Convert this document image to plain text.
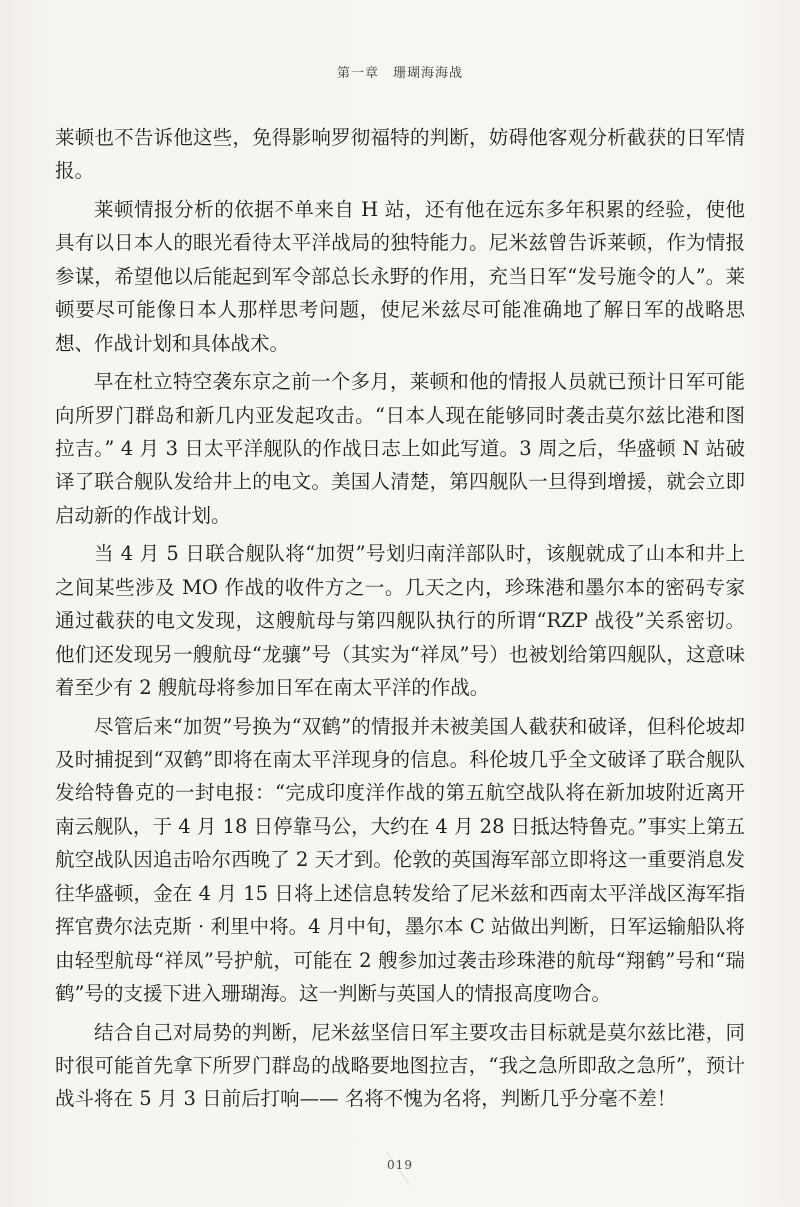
第一章 珊瑚海海战

莱顿也不告诉他这些，免得影响罗彻福特的判断，妨碍他客观分析截获的日军情报。

莱顿情报分析的依据不单来自 H 站，还有他在远东多年积累的经验，使他具有以日本人的眼光看待太平洋战局的独特能力。尼米兹曾告诉莱顿，作为情报参谋，希望他以后能起到军令部总长永野的作用，充当日军“发号施令的人”。莱顿要尽可能像日本人那样思考问题，使尼米兹尽可能准确地了解日军的战略思想、作战计划和具体战术。

早在杜立特空袭东京之前一个多月，莱顿和他的情报人员就已预计日军可能向所罗门群岛和新几内亚发起攻击。“日本人现在能够同时袭击莫尔兹比港和图拉吉。” 4 月 3 日太平洋舰队的作战日志上如此写道。3 周之后，华盛顿 N 站破译了联合舰队发给井上的电文。美国人清楚，第四舰队一旦得到增援，就会立即启动新的作战计划。

当 4 月 5 日联合舰队将“加贺”号划归南洋部队时，该舰就成了山本和井上之间某些涉及 MO 作战的收件方之一。几天之内，珍珠港和墨尔本的密码专家通过截获的电文发现，这艘航母与第四舰队执行的所谓“RZP 战役”关系密切。他们还发现另一艘航母“龙骧”号（其实为“祥凤”号）也被划给第四舰队，这意味着至少有 2 艘航母将参加日军在南太平洋的作战。

尽管后来“加贺”号换为“双鹤”的情报并未被美国人截获和破译，但科伦坡却及时捕捉到“双鹤”即将在南太平洋现身的信息。科伦坡几乎全文破译了联合舰队发给特鲁克的一封电报：“完成印度洋作战的第五航空战队将在新加坡附近离开南云舰队，于 4 月 18 日停靠马公，大约在 4 月 28 日抵达特鲁克。”事实上第五航空战队因追击哈尔西晚了 2 天才到。伦敦的英国海军部立即将这一重要消息发往华盛顿，金在 4 月 15 日将上述信息转发给了尼米兹和西南太平洋战区海军指挥官费尔法克斯 · 利里中将。4 月中旬，墨尔本 C 站做出判断，日军运输船队将由轻型航母“祥凤”号护航，可能在 2 艘参加过袭击珍珠港的航母“翔鹤”号和“瑞鹤”号的支援下进入珊瑚海。这一判断与英国人的情报高度吻合。

结合自己对局势的判断，尼米兹坚信日军主要攻击目标就是莫尔兹比港，同时很可能首先拿下所罗门群岛的战略要地图拉吉，“我之急所即敌之急所”，预计战斗将在 5 月 3 日前后打响—— 名将不愧为名将，判断几乎分毫不差！

019
